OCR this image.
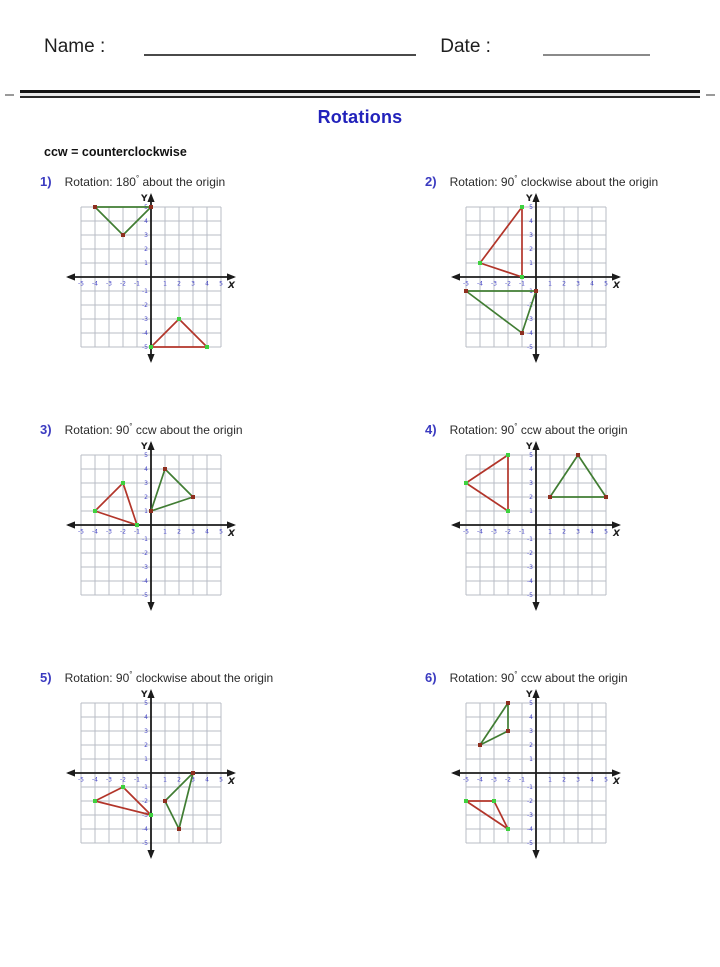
Name :	Date :
Rotations
ccw = counterclockwise
1) Rotation: 180° about the origin
Y
X
-5 -4 -3 -2 -1	1 2 3 4 5
5
4
3
2
1
-1
-2
-3
-4
-5
2) Rotation: 90° clockwise about the origin
Y
X
-5 -4 -3 -2 -1	1 2 3 4 5
5
4
3
2
1
-1
-2
-3
-4
-5
3) Rotation: 90° ccw about the origin
Y
X
-5 -4 -3 -2 -1	1 2 3 4 5
5
4
3
2
1
-1
-2
-3
-4
-5
4) Rotation: 90° ccw about the origin
Y
X
-5 -4 -3 -2 -1	1 2 3 4 5
5
4
3
2
1
-1
-2
-3
-4
-5
5) Rotation: 90° clockwise about the origin
Y
X
-5 -4 -3 -2 -1	1 2 3 4 5
5
4
3
2
1
-1
-2
-3
-4
-5
6) Rotation: 90° ccw about the origin
Y
X
-5 -4 -3 -2 -1	1 2 3 4 5
5
4
3
2
1
-1
-2
-3
-4
-5
